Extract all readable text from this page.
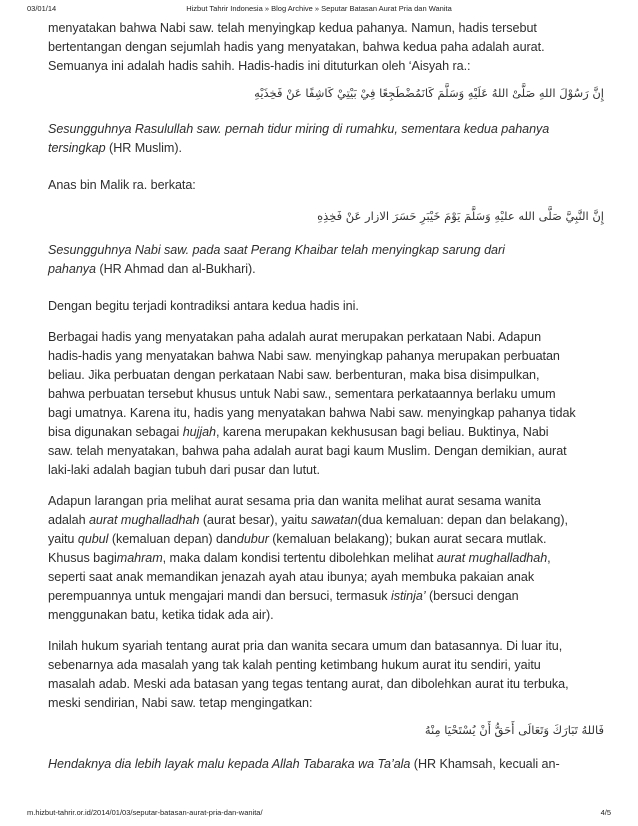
03/01/14	Hizbut Tahrir Indonesia » Blog Archive » Seputar Batasan Aurat Pria dan Wanita

menyatakan bahwa Nabi saw. telah menyingkap kedua pahanya. Namun, hadis tersebut
bertentangan dengan sejumlah hadis yang menyatakan, bahwa kedua paha adalah aurat.
Semuanya ini adalah hadis sahih. Hadis-hadis ini dituturkan oleh ‘Aisyah ra.:

إِنَّ رَسُوْلَ اللهِ صَلَّىْ اللهُ عَلَيْهِ وَسَلَّمَ كَانَمُضْطَجِعًا فِيْ بَيْتِيْ كَاشِفًا عَنْ فَخِذَيْهِ

Sesungguhnya Rasulullah saw. pernah tidur miring di rumahku, sementara kedua pahanya
tersingkap (HR Muslim).

Anas bin Malik ra. berkata:

إِنَّ النَّبِيَّ صَلَّى الله عليْهِ وَسَلَّمَ يَوْمَ خَيْبَرِ حَسَرَ الازار عَنْ فَخِذِهِ

Sesungguhnya Nabi saw. pada saat Perang Khaibar telah menyingkap sarung dari
pahanya (HR Ahmad dan al-Bukhari).

Dengan begitu terjadi kontradiksi antara kedua hadis ini.

Berbagai hadis yang menyatakan paha adalah aurat merupakan perkataan Nabi. Adapun
hadis-hadis yang menyatakan bahwa Nabi saw. menyingkap pahanya merupakan perbuatan
beliau. Jika perbuatan dengan perkataan Nabi saw. berbenturan, maka bisa disimpulkan,
bahwa perbuatan tersebut khusus untuk Nabi saw., sementara perkataannya berlaku umum
bagi umatnya. Karena itu, hadis yang menyatakan bahwa Nabi saw. menyingkap pahanya tidak
bisa digunakan sebagai hujjah, karena merupakan kekhususan bagi beliau. Buktinya, Nabi
saw. telah menyatakan, bahwa paha adalah aurat bagi kaum Muslim. Dengan demikian, aurat
laki-laki adalah bagian tubuh dari pusar dan lutut.

Adapun larangan pria melihat aurat sesama pria dan wanita melihat aurat sesama wanita
adalah aurat mughalladhah (aurat besar), yaitu sawatan(dua kemaluan: depan dan belakang),
yaitu qubul (kemaluan depan) dandubur (kemaluan belakang); bukan aurat secara mutlak.
Khusus bagimahram, maka dalam kondisi tertentu dibolehkan melihat aurat mughalladhah,
seperti saat anak memandikan jenazah ayah atau ibunya; ayah membuka pakaian anak
perempuannya untuk mengajari mandi dan bersuci, termasuk istinja’ (bersuci dengan
menggunakan batu, ketika tidak ada air).

Inilah hukum syariah tentang aurat pria dan wanita secara umum dan batasannya. Di luar itu,
sebenarnya ada masalah yang tak kalah penting ketimbang hukum aurat itu sendiri, yaitu
masalah adab. Meski ada batasan yang tegas tentang aurat, dan dibolehkan aurat itu terbuka,
meski sendirian, Nabi saw. tetap mengingatkan:

فَاللهُ تَبَارَكَ وَتَعَالَى أَحَقُّ أَنْ يُسْتَحْيَا مِنْهُ

Hendaknya dia lebih layak malu kepada Allah Tabaraka wa Ta’ala (HR Khamsah, kecuali an-

m.hizbut-tahrir.or.id/2014/01/03/seputar-batasan-aurat-pria-dan-wanita/	4/5
